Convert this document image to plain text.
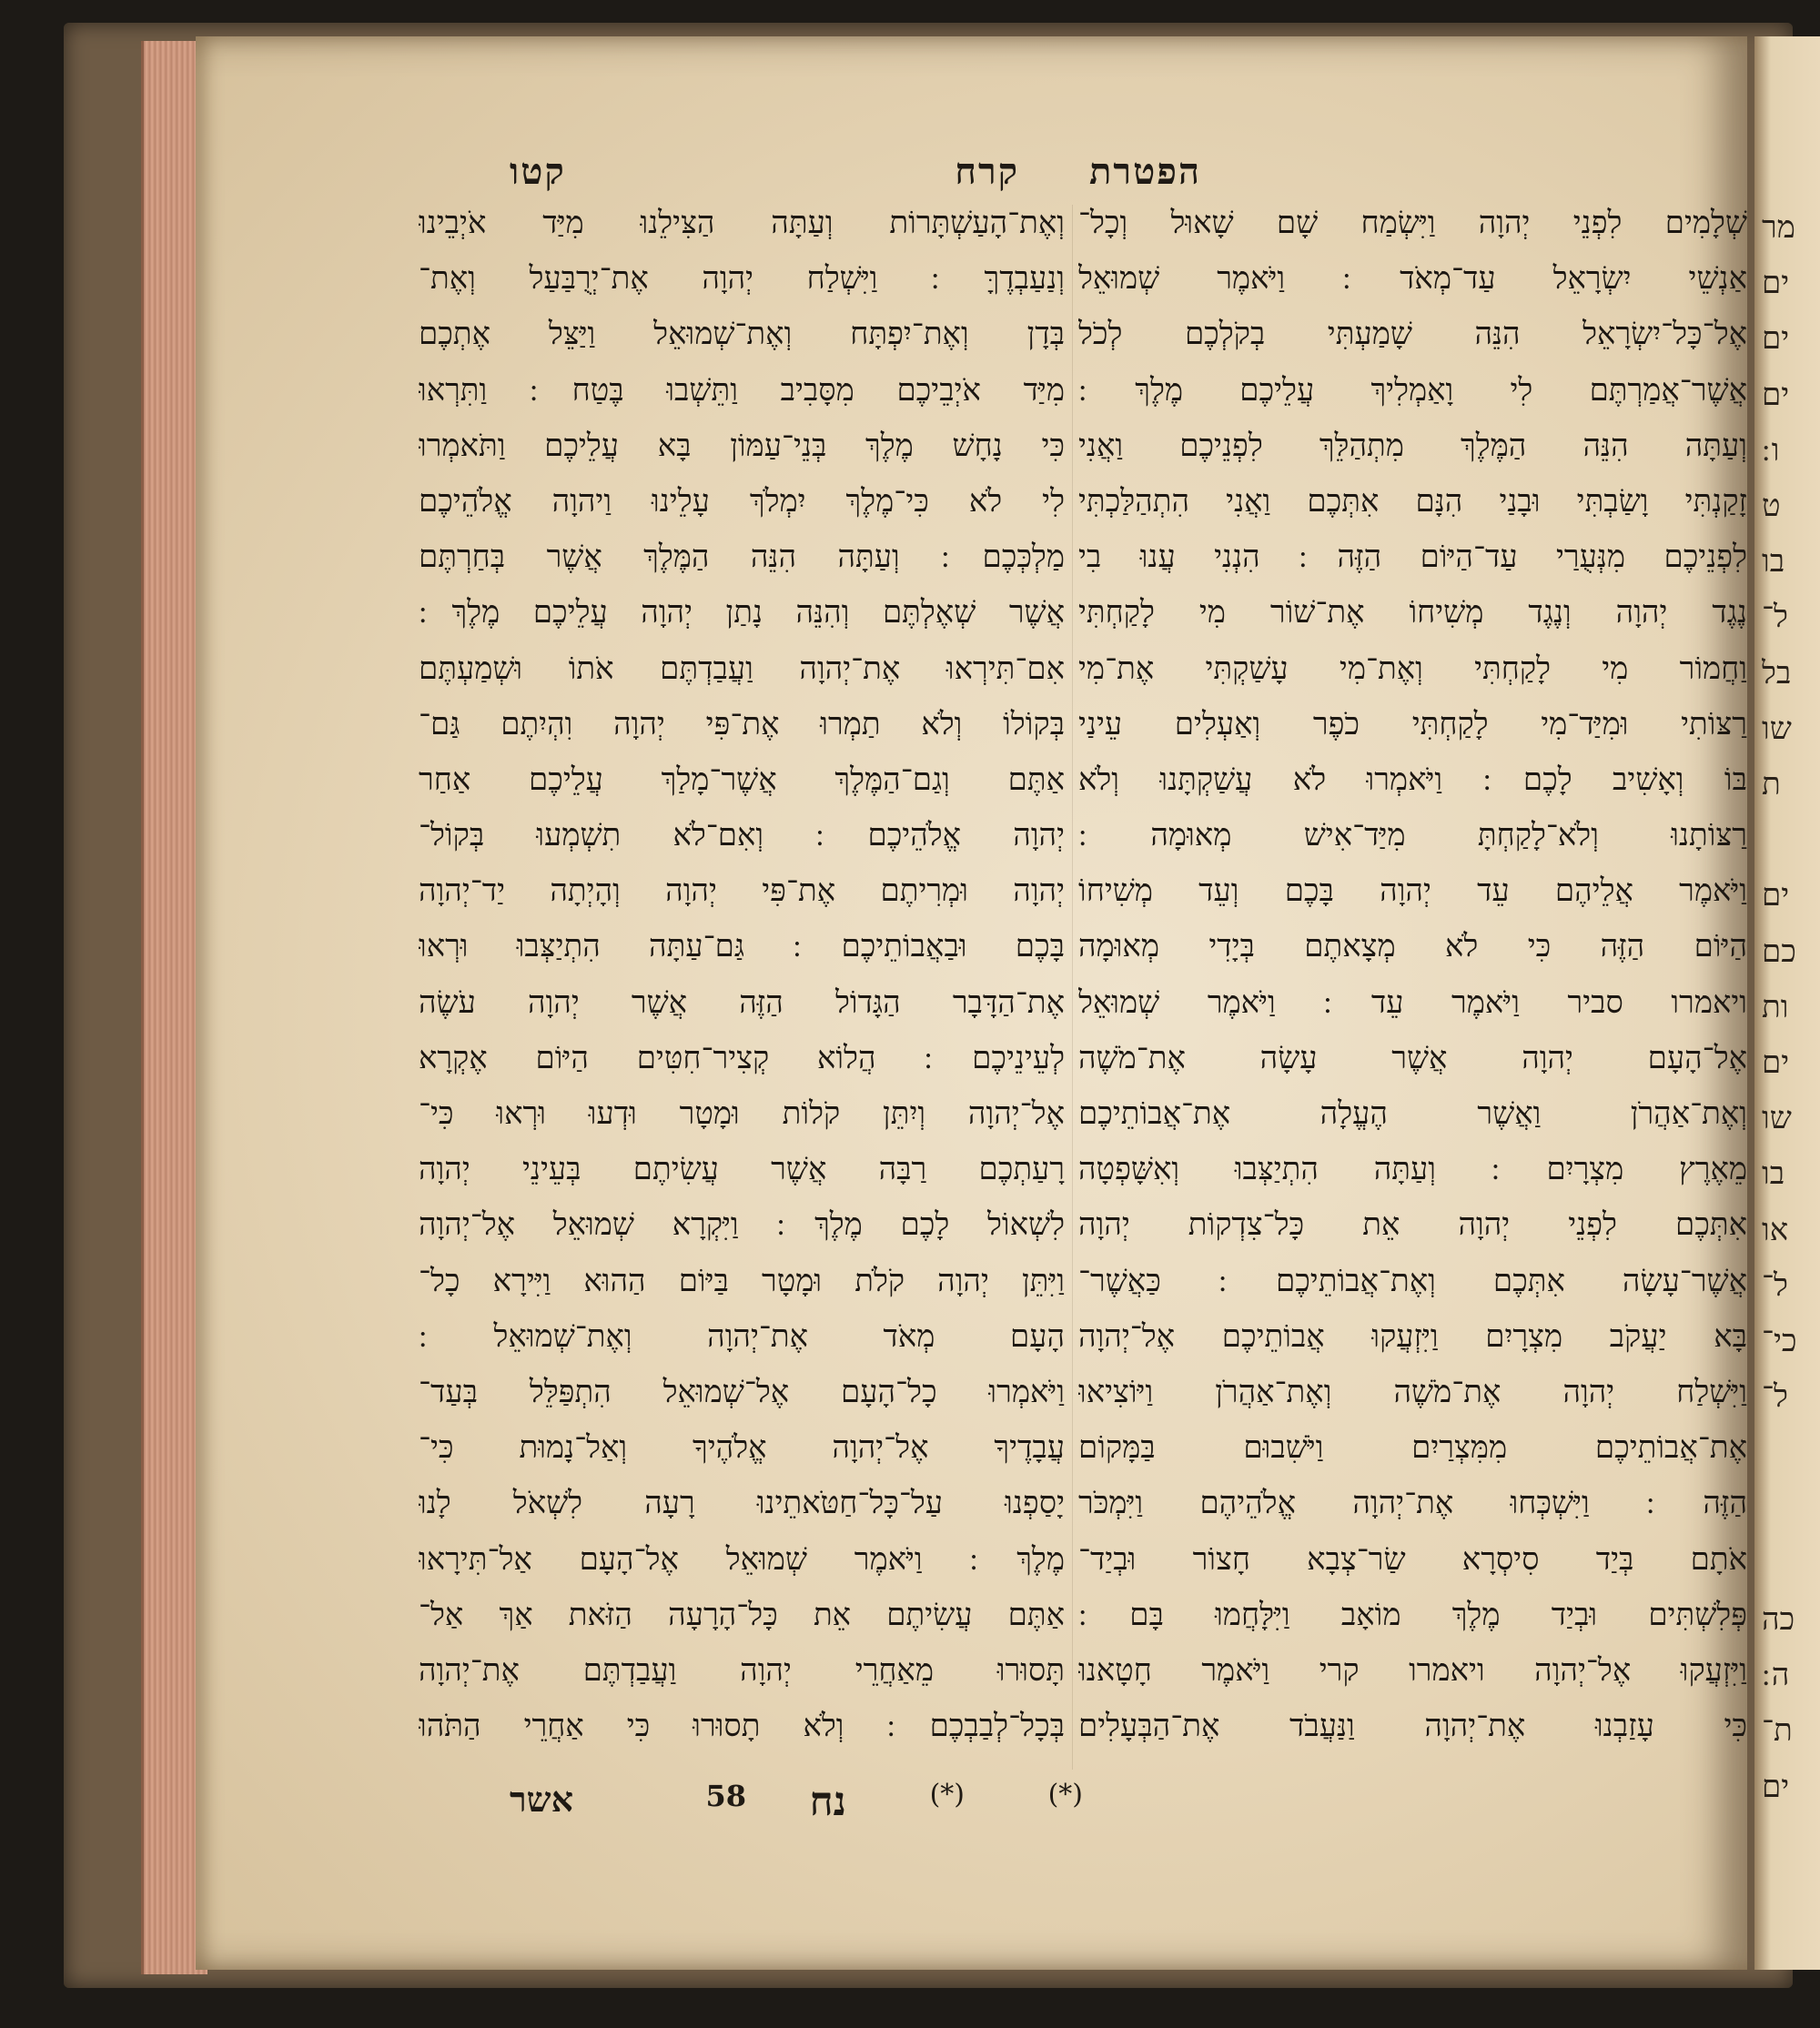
מר
ים
ים
ים
ו ׃
ט
בו
ל־
בל
שו
ת
ים
כם
ות
ים
שו
בו
או
ל־
כי־
ל־
כה
ה ׃
ת־
ים
הפטרת
קרח
קטו
שְׁלָמִים לִפְנֵי יְהוָה וַיִּשְׂמַח שָׁם שָׁאוּל וְכָל־
אַנְשֵׁי יִשְׂרָאֵל עַד־מְאֹד ׃ וַיֹּאמֶר שְׁמוּאֵל
אֶל־כָּל־יִשְׂרָאֵל הִנֵּה שָׁמַעְתִּי בְקֹלְכֶם לְכֹל
אֲשֶׁר־אֲמַרְתֶּם לִי וָאַמְלִיךְ עֲלֵיכֶם מֶלֶךְ ׃
וְעַתָּה הִנֵּה הַמֶּלֶךְ מִתְהַלֵּךְ לִפְנֵיכֶם וַאֲנִי
זָקַנְתִּי וָשַׂבְתִּי וּבָנַי הִנָּם אִתְּכֶם וַאֲנִי הִתְהַלַּכְתִּי
לִפְנֵיכֶם מִנְּעֻרַי עַד־הַיּוֹם הַזֶּה ׃ הִנְנִי עֲנוּ בִי
נֶגֶד יְהוָה וְנֶגֶד מְשִׁיחוֹ אֶת־שׁוֹר מִי לָקַחְתִּי
וַחֲמוֹר מִי לָקַחְתִּי וְאֶת־מִי עָשַׁקְתִּי אֶת־מִי
רַצּוֹתִי וּמִיַּד־מִי לָקַחְתִּי כֹפֶר וְאַעְלִים עֵינַי
בּוֹ וְאָשִׁיב לָכֶם ׃ וַיֹּאמְרוּ לֹא עֲשַׁקְתָּנוּ וְלֹא
רַצּוֹתָנוּ וְלֹא־לָקַחְתָּ מִיַּד־אִישׁ מְאוּמָה ׃
וַיֹּאמֶר אֲלֵיהֶם עֵד יְהוָה בָּכֶם וְעֵד מְשִׁיחוֹ
הַיּוֹם הַזֶּה כִּי לֹא מְצָאתֶם בְּיָדִי מְאוּמָה
ויאמרו סביר וַיֹּאמֶר עֵד ׃ וַיֹּאמֶר שְׁמוּאֵל
אֶל־הָעָם יְהוָה אֲשֶׁר עָשָׂה אֶת־מֹשֶׁה
וְאֶת־אַהֲרֹן וַאֲשֶׁר הֶעֱלָה אֶת־אֲבוֹתֵיכֶם
מֵאֶרֶץ מִצְרָיִם ׃ וְעַתָּה הִתְיַצְּבוּ וְאִשָּׁפְטָה
אִתְּכֶם לִפְנֵי יְהוָה אֵת כָּל־צִדְקוֹת יְהוָה
אֲשֶׁר־עָשָׂה אִתְּכֶם וְאֶת־אֲבוֹתֵיכֶם ׃ כַּאֲשֶׁר־
בָּא יַעֲקֹב מִצְרָיִם וַיִּזְעֲקוּ אֲבוֹתֵיכֶם אֶל־יְהוָה
וַיִּשְׁלַח יְהוָה אֶת־מֹשֶׁה וְאֶת־אַהֲרֹן וַיּוֹצִיאוּ
אֶת־אֲבוֹתֵיכֶם מִמִּצְרַיִם וַיֹּשִׁבוּם בַּמָּקוֹם
הַזֶּה ׃ וַיִּשְׁכְּחוּ אֶת־יְהוָה אֱלֹהֵיהֶם וַיִּמְכֹּר
אֹתָם בְּיַד סִיסְרָא שַׂר־צְבָא חָצוֹר וּבְיַד־
פְּלִשְׁתִּים וּבְיַד מֶלֶךְ מוֹאָב וַיִּלָּחֲמוּ בָּם ׃
וַיִּזְעֲקוּ אֶל־יְהוָה ויאמרו קרי וַיֹּאמֶר חָטָאנוּ
כִּי עָזַבְנוּ אֶת־יְהוָה וַנַּעֲבֹד אֶת־הַבְּעָלִים
וְאֶת־הָעַשְׁתָּרוֹת וְעַתָּה הַצִּילֵנוּ מִיַּד אֹיְבֵינוּ
וְנַעַבְדֶךָּ ׃ וַיִּשְׁלַח יְהוָה אֶת־יְרֻבַּעַל וְאֶת־
בְּדָן וְאֶת־יִפְתָּח וְאֶת־שְׁמוּאֵל וַיַּצֵּל אֶתְכֶם
מִיַּד אֹיְבֵיכֶם מִסָּבִיב וַתֵּשְׁבוּ בֶּטַח ׃ וַתִּרְאוּ
כִּי נָחָשׁ מֶלֶךְ בְּנֵי־עַמּוֹן בָּא עֲלֵיכֶם וַתֹּאמְרוּ
לִי לֹא כִּי־מֶלֶךְ יִמְלֹךְ עָלֵינוּ וַיהוָה אֱלֹהֵיכֶם
מַלְכְּכֶם ׃ וְעַתָּה הִנֵּה הַמֶּלֶךְ אֲשֶׁר בְּחַרְתֶּם
אֲשֶׁר שְׁאֶלְתֶּם וְהִנֵּה נָתַן יְהוָה עֲלֵיכֶם מֶלֶךְ ׃
אִם־תִּירְאוּ אֶת־יְהוָה וַעֲבַדְתֶּם אֹתוֹ וּשְׁמַעְתֶּם
בְּקוֹלוֹ וְלֹא תַמְרוּ אֶת־פִּי יְהוָה וִהְיִתֶם גַּם־
אַתֶּם וְגַם־הַמֶּלֶךְ אֲשֶׁר־מָלַךְ עֲלֵיכֶם אַחַר
יְהוָה אֱלֹהֵיכֶם ׃ וְאִם־לֹא תִשְׁמְעוּ בְּקוֹל־
יְהוָה וּמְרִיתֶם אֶת־פִּי יְהוָה וְהָיְתָה יַד־יְהוָה
בָּכֶם וּבַאֲבוֹתֵיכֶם ׃ גַּם־עַתָּה הִתְיַצְּבוּ וּרְאוּ
אֶת־הַדָּבָר הַגָּדוֹל הַזֶּה אֲשֶׁר יְהוָה עֹשֶׂה
לְעֵינֵיכֶם ׃ הֲלוֹא קְצִיר־חִטִּים הַיּוֹם אֶקְרָא
אֶל־יְהוָה וְיִתֵּן קֹלוֹת וּמָטָר וּדְעוּ וּרְאוּ כִּי־
רָעַתְכֶם רַבָּה אֲשֶׁר עֲשִׂיתֶם בְּעֵינֵי יְהוָה
לִשְׁאוֹל לָכֶם מֶלֶךְ ׃ וַיִּקְרָא שְׁמוּאֵל אֶל־יְהוָה
וַיִּתֵּן יְהוָה קֹלֹת וּמָטָר בַּיּוֹם הַהוּא וַיִּירָא כָל־
הָעָם מְאֹד אֶת־יְהוָה וְאֶת־שְׁמוּאֵל ׃
וַיֹּאמְרוּ כָל־הָעָם אֶל־שְׁמוּאֵל הִתְפַּלֵּל בְּעַד־
עֲבָדֶיךָ אֶל־יְהוָה אֱלֹהֶיךָ וְאַל־נָמוּת כִּי־
יָסַפְנוּ עַל־כָּל־חַטֹּאתֵינוּ רָעָה לִשְׁאֹל לָנוּ
מֶלֶךְ ׃ וַיֹּאמֶר שְׁמוּאֵל אֶל־הָעָם אַל־תִּירָאוּ
אַתֶּם עֲשִׂיתֶם אֵת כָּל־הָרָעָה הַזֹּאת אַךְ אַל־
תָּסוּרוּ מֵאַחֲרֵי יְהוָה וַעֲבַדְתֶּם אֶת־יְהוָה
בְּכָל־לְבַבְכֶם ׃ וְלֹא תָסוּרוּ כִּי אַחֲרֵי הַתֹּהוּ
(*)
(*)
נח
58
אשר
